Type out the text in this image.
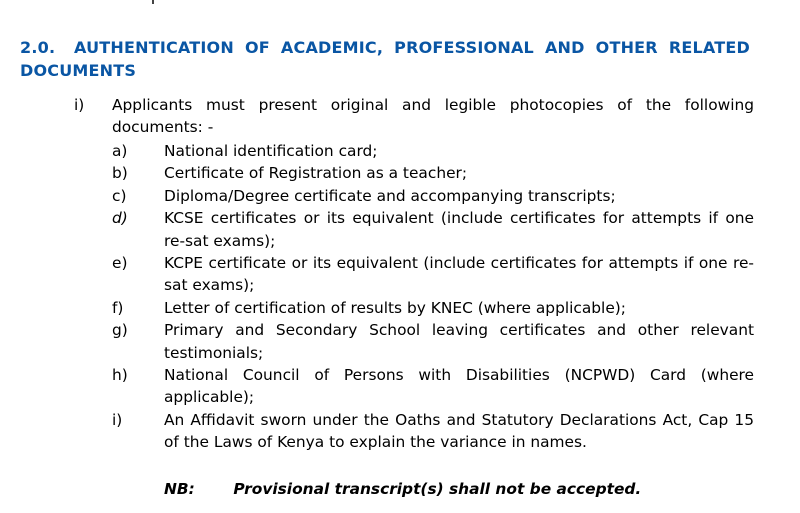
2.0.	AUTHENTICATION OF ACADEMIC, PROFESSIONAL AND OTHER RELATED
DOCUMENTS
i)	Applicants must present original and legible photocopies of the following documents: -
a)	National identification card;
b)	Certificate of Registration as a teacher;
c)	Diploma/Degree certificate and accompanying transcripts;
d)	KCSE certificates or its equivalent (include certificates for attempts if one re-sat exams);
e)	KCPE certificate or its equivalent (include certificates for attempts if one re-sat exams);
f)	Letter of certification of results by KNEC (where applicable);
g)	Primary and Secondary School leaving certificates and other relevant testimonials;
h)	National Council of Persons with Disabilities (NCPWD) Card (where applicable);
i)	An Affidavit sworn under the Oaths and Statutory Declarations Act, Cap 15 of the Laws of Kenya to explain the variance in names.
NB:	Provisional transcript(s) shall not be accepted.
